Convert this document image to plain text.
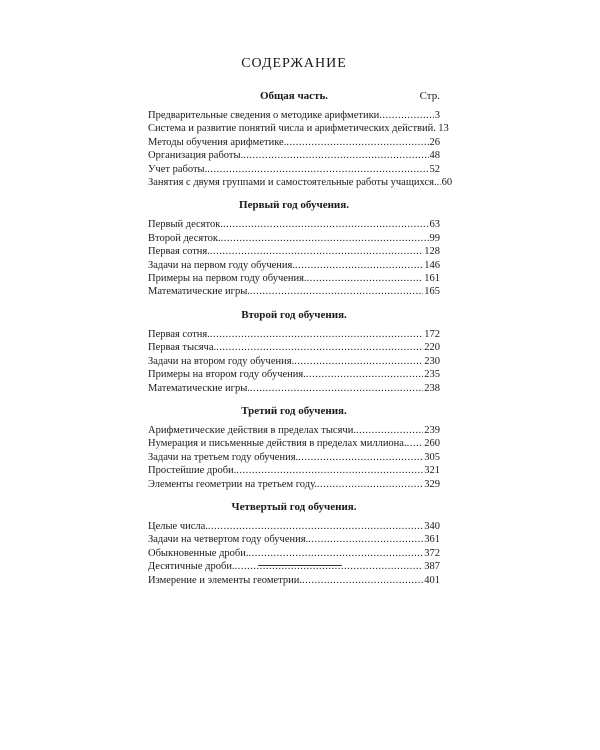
СОДЕРЖАНИЕ
Общая часть.	Стр.
Предварительные сведения о методике арифметики .....	3
Система и развитие понятий числа и арифметических действий ..... 13
Методы обучения арифметике. .....	26
Организация работы. .....	48
Учет работы. .....	52
Занятия с двумя группами и самостоятельные работы учащихся. ..... 60
Первый год обучения.
Первый десяток. .....	63
Второй десяток. .....	99
Первая сотня. .....	128
Задачи на первом году обучения. .....	146
Примеры на первом году обучения. .....	161
Математические игры. .....	165
Второй год обучения.
Первая сотня. .....	172
Первая тысяча. .....	220
Задачи на втором году обучения. .....	230
Примеры на втором году обучения. .....	235
Математические игры. .....	238
Третий год обучения.
Арифметические действия в пределах тысячи. .....	239
Нумерация и письменные действия в пределах миллиона. ..... 260
Задачи на третьем году обучения. .....	305
Простейшие дроби. .....	321
Элементы геометрии на третьем году. .....	329
Четвертый год обучения.
Целые числа. .....	340
Задачи на четвертом году обучения. .....	361
Обыкновенные дроби. .....	372
Десятичные дроби. .....	387
Измерение и элементы геометрии. .....	401
